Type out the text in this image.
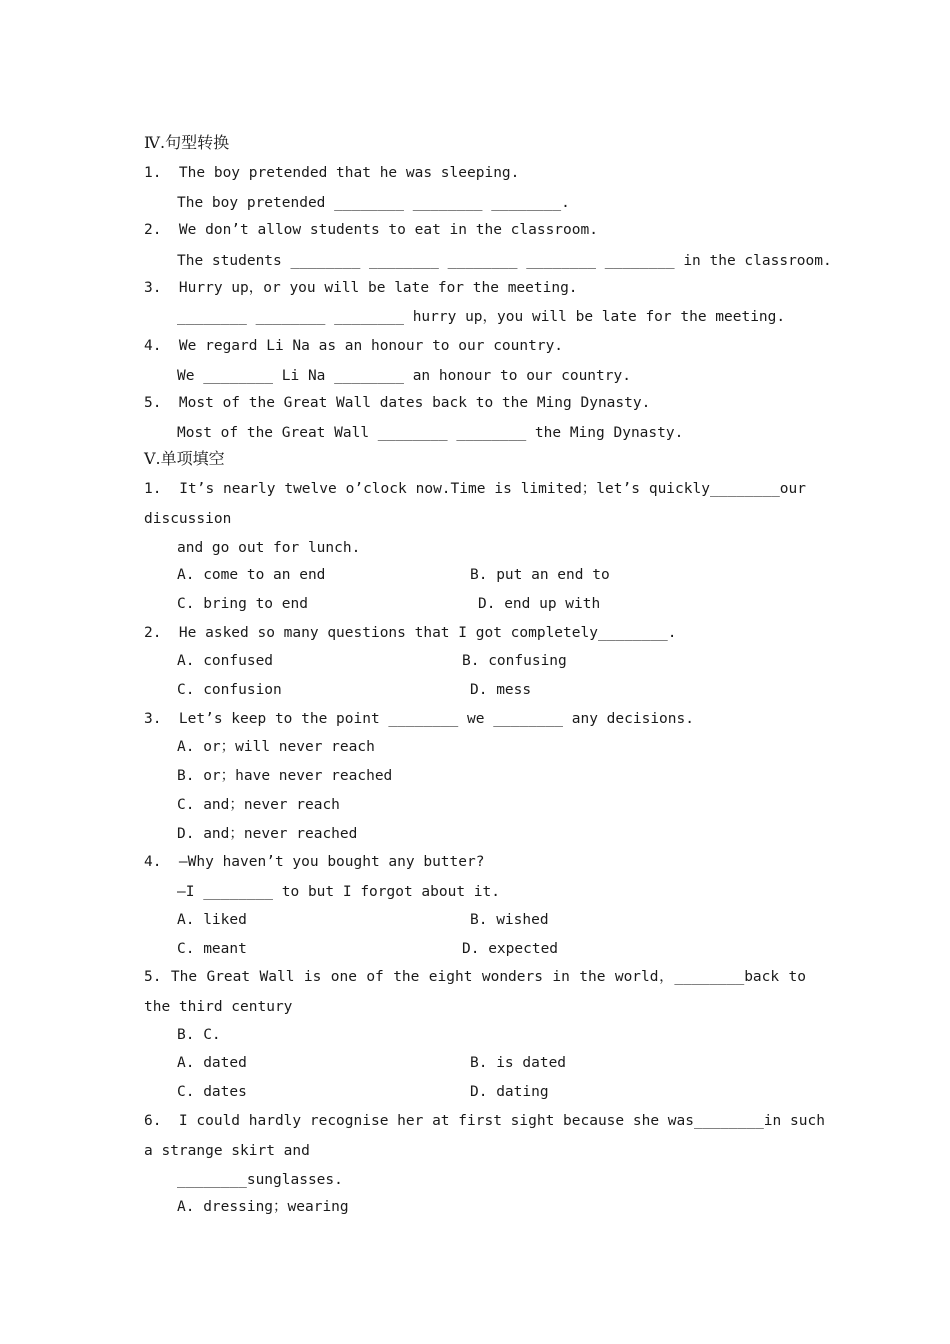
Ⅳ.句型转换
1.  The boy pretended that he was sleeping.
The boy pretended ________ ________ ________.
2.  We don’t allow students to eat in the classroom.
The students ________ ________ ________ ________ ________ in the classroom.
3.  Hurry up，or you will be late for the meeting.
________ ________ ________ hurry up，you will be late for the meeting.
4.  We regard Li Na as an honour to our country.
We ________ Li Na ________ an honour to our country.
5.  Most of the Great Wall dates back to the Ming Dynasty.
Most of the Great Wall ________ ________ the Ming Dynasty.
Ⅴ.单项填空
1.  It’s nearly twelve o’clock now.Time is limited；let’s quickly________our
discussion
and go out for lunch.
A. come to an end	B. put an end to
C. bring to end	D. end up with
2.  He asked so many questions that I got completely________.
A. confused	B. confusing
C. confusion	D. mess
3.  Let’s keep to the point ________ we ________ any decisions.
A. or；will never reach
B. or；have never reached
C. and；never reach
D. and；never reached
4.  —Why haven’t you bought any butter?
—I ________ to but I forgot about it.
A. liked	B. wished
C. meant	D. expected
5. The Great Wall is one of the eight wonders in the world，________back to
the third century
B. C.
A. dated	B. is dated
C. dates	D. dating
6.  I could hardly recognise her at first sight because she was________in such
a strange skirt and
________sunglasses.
A. dressing；wearing
